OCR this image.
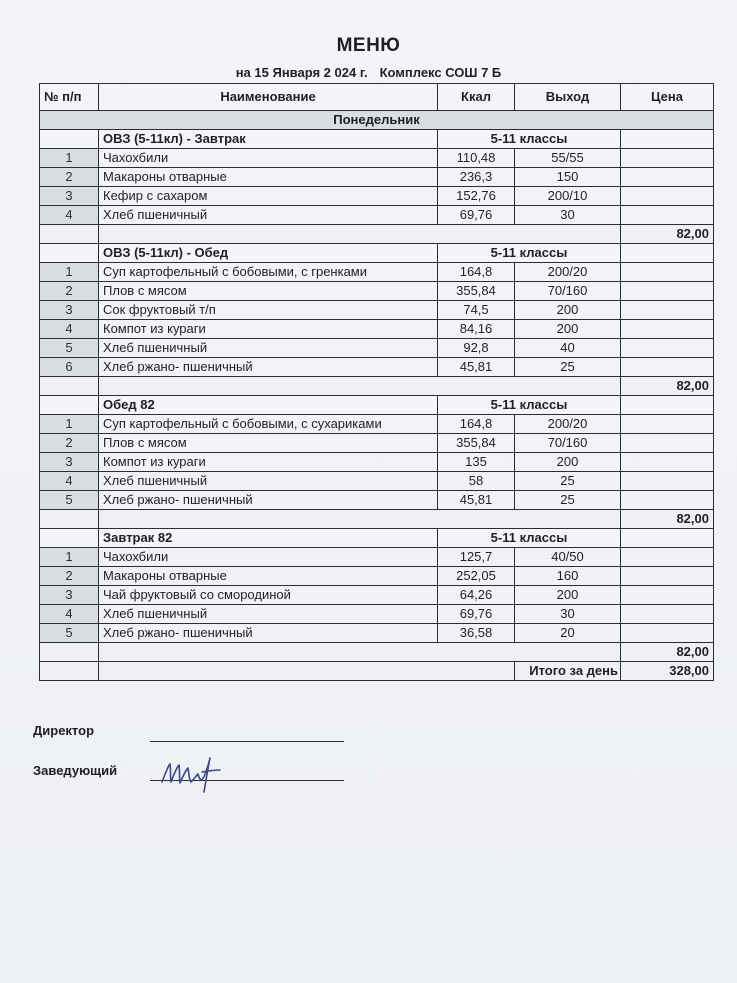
МЕНЮ
на 15 Января 2 024 г. Комплекс СОШ 7 Б
№ п/п	Наименование	Ккал	Выход	Цена
Понедельник				
	ОВЗ (5-11кл) - Завтрак	5-11 классы		
1	Чахохбили	110,48	55/55	
2	Макароны отварные	236,3	150	
3	Кефир с сахаром	152,76	200/10	
4	Хлеб пшеничный	69,76	30	
				82,00
	ОВЗ (5-11кл) - Обед	5-11 классы		
1	Суп картофельный с бобовыми, с гренками	164,8	200/20	
2	Плов с мясом	355,84	70/160	
3	Сок фруктовый т/п	74,5	200	
4	Компот из кураги	84,16	200	
5	Хлеб пшеничный	92,8	40	
6	Хлеб ржано- пшеничный	45,81	25	
				82,00
	Обед 82	5-11 классы		
1	Суп картофельный с бобовыми, с сухариками	164,8	200/20	
2	Плов с мясом	355,84	70/160	
3	Компот из кураги	135	200	
4	Хлеб пшеничный	58	25	
5	Хлеб ржано- пшеничный	45,81	25	
				82,00
	Завтрак 82	5-11 классы		
1	Чахохбили	125,7	40/50	
2	Макароны отварные	252,05	160	
3	Чай фруктовый со смородиной	64,26	200	
4	Хлеб пшеничный	69,76	30	
5	Хлеб ржано- пшеничный	36,58	20	
				82,00
			Итого за день	328,00
Директор
Заведующий
